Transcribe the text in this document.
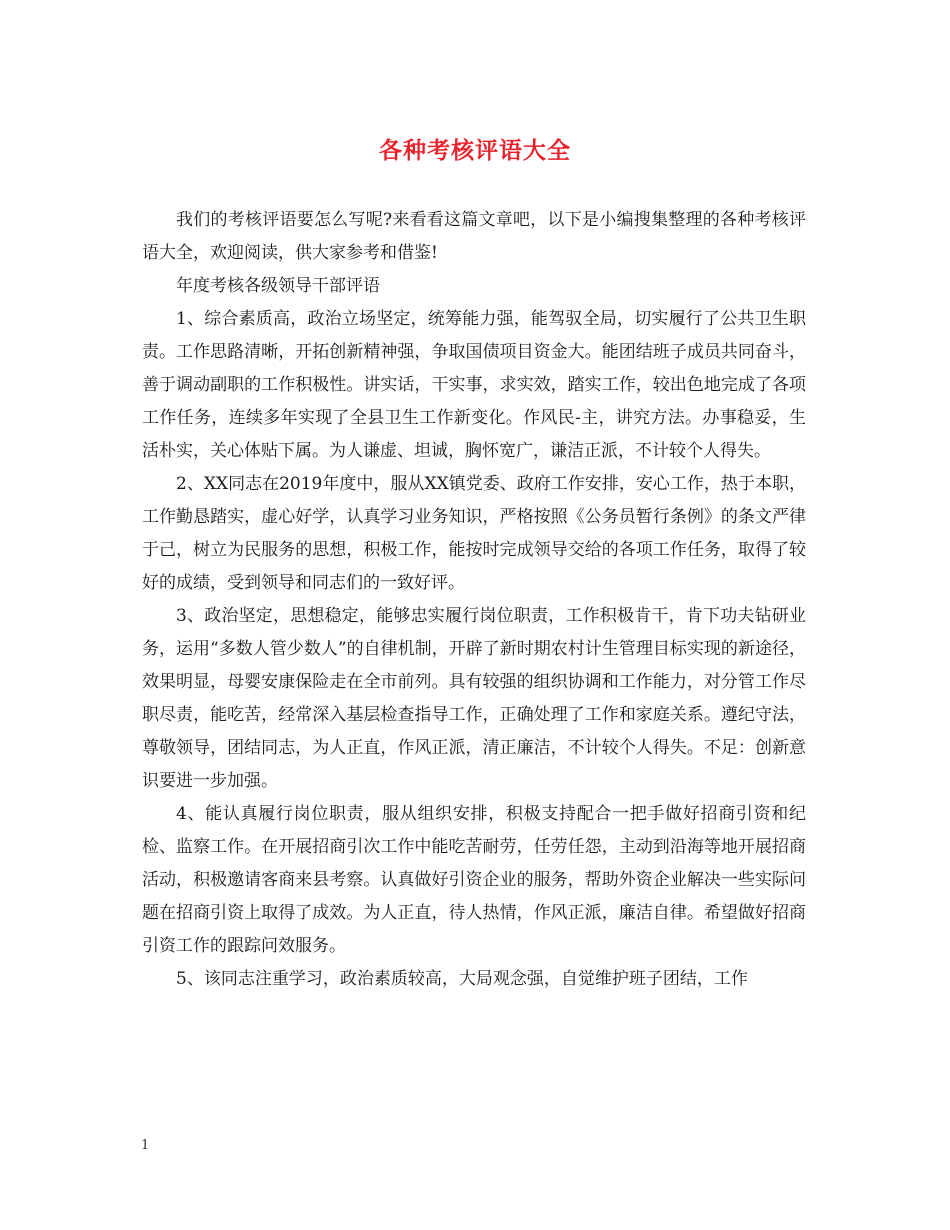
各种考核评语大全

我们的考核评语要怎么写呢?来看看这篇文章吧，以下是小编搜集整理的各种考核评语大全，欢迎阅读，供大家参考和借鉴!

年度考核各级领导干部评语

1、综合素质高，政治立场坚定，统筹能力强，能驾驭全局，切实履行了公共卫生职责。工作思路清晰，开拓创新精神强，争取国债项目资金大。能团结班子成员共同奋斗，善于调动副职的工作积极性。讲实话，干实事，求实效，踏实工作，较出色地完成了各项工作任务，连续多年实现了全县卫生工作新变化。作风民-主，讲究方法。办事稳妥，生活朴实，关心体贴下属。为人谦虚、坦诚，胸怀宽广，谦洁正派，不计较个人得失。

2、XX同志在2019年度中，服从XX镇党委、政府工作安排，安心工作，热于本职，工作勤恳踏实，虚心好学，认真学习业务知识，严格按照《公务员暂行条例》的条文严律于己，树立为民服务的思想，积极工作，能按时完成领导交给的各项工作任务，取得了较好的成绩，受到领导和同志们的一致好评。

3、政治坚定，思想稳定，能够忠实履行岗位职责，工作积极肯干，肯下功夫钻研业务，运用“多数人管少数人”的自律机制，开辟了新时期农村计生管理目标实现的新途径，效果明显，母婴安康保险走在全市前列。具有较强的组织协调和工作能力，对分管工作尽职尽责，能吃苦，经常深入基层检查指导工作，正确处理了工作和家庭关系。遵纪守法，尊敬领导，团结同志，为人正直，作风正派，清正廉洁，不计较个人得失。不足：创新意识要进一步加强。

4、能认真履行岗位职责，服从组织安排，积极支持配合一把手做好招商引资和纪检、监察工作。在开展招商引次工作中能吃苦耐劳，任劳任怨，主动到沿海等地开展招商活动，积极邀请客商来县考察。认真做好引资企业的服务，帮助外资企业解决一些实际问题在招商引资上取得了成效。为人正直，待人热情，作风正派，廉洁自律。希望做好招商引资工作的跟踪问效服务。

5、该同志注重学习，政治素质较高，大局观念强，自觉维护班子团结，工作

1
